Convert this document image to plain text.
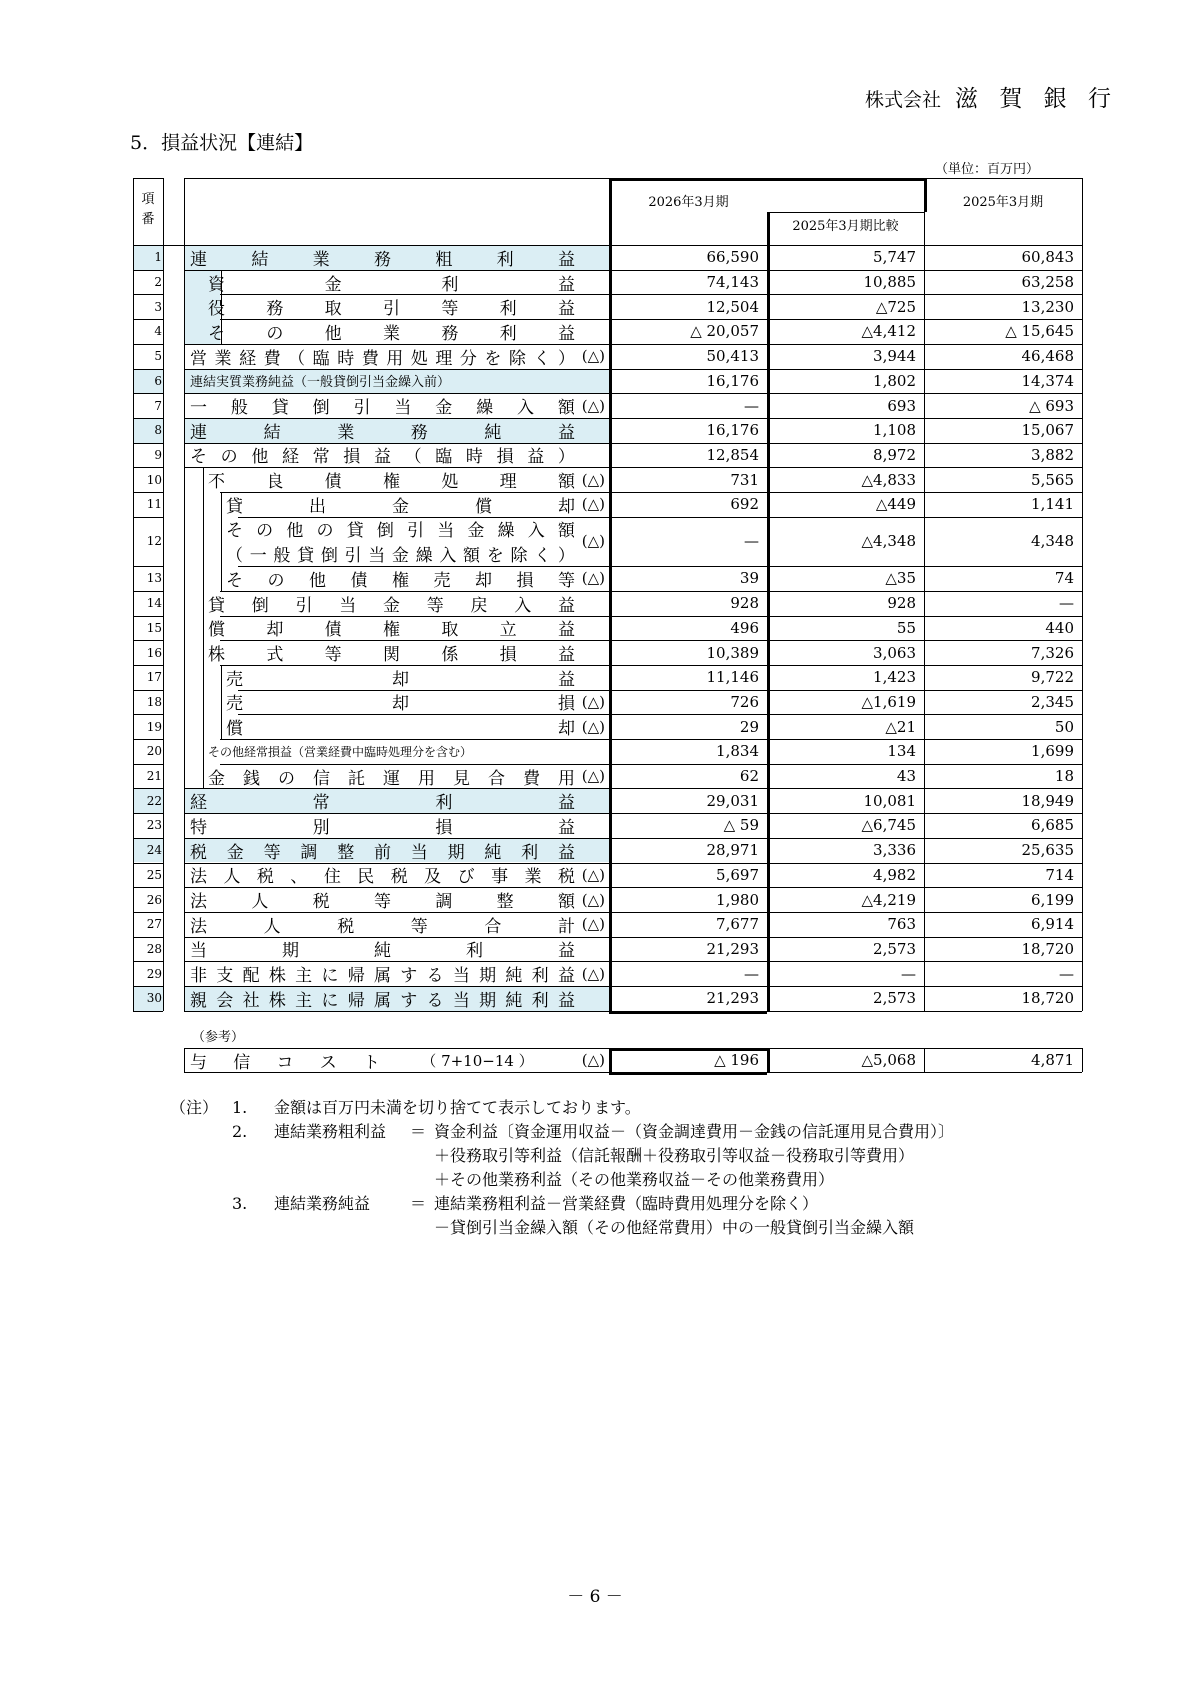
株式会社 滋 賀 銀 行
5．損益状況【連結】
（単位：百万円）
項
番
2026年3月期
2025年3月期比較
2025年3月期
1 連	結	業	務	粗	利	益	66,590	5,747	60,843
2	資	金	利	益	74,143	10,885	63,258
3	役 務 取 引 等 利 益	12,504	△725	13,230
4	そ の 他 業 務 利 益	△ 20,057	△4,412	△ 15,645
5 営 業 経 費 （ 臨 時 費 用 処 理 分 を 除 く ） (△)	50,413	3,944	46,468
6 連結実質業務純益（一般貸倒引当金繰入前）	16,176	1,802	14,374
7 一 般 貸 倒 引 当 金 繰 入 額 (△)	—	693	△ 693
8 連	結	業	務	純	益	16,176	1,108	15,067
9 そ の 他 経 常 損 益 （ 臨 時 損 益 ）	12,854	8,972	3,882
10	不 良 債 権 処 理 額 (△)	731	△4,833	5,565
11	貸	出	金	償	却 (△)	692	△449	1,141
12	そ の 他 の 貸 倒 引 当 金 繰 入 額
（ 一 般 貸 倒 引 当 金 繰 入 額 を 除 く ）
(△)	—	△4,348	4,348
13	そ の 他 債 権 売 却 損 等 (△)	39	△35	74
14	貸 倒 引 当 金 等 戻 入 益	928	928	—
15	償 却 債 権 取 立 益	496	55	440
16	株 式 等 関 係 損 益	10,389	3,063	7,326
17	売	却	益	11,146	1,423	9,722
18	売	却	損 (△)	726	△1,619	2,345
19	償	却 (△)	29	△21	50
20	その他経常損益（営業経費中臨時処理分を含む）	1,834	134	1,699
21	金 銭 の 信 託 運 用 見 合 費 用 (△)	62	43	18
22 経	常	利	益	29,031	10,081	18,949
23 特	別	損	益	△ 59	△6,745	6,685
24 税 金 等 調 整 前 当 期 純 利 益	28,971	3,336	25,635
25 法 人 税 、 住 民 税 及 び 事 業 税 (△)	5,697	4,982	714
26 法	人	税	等	調	整	額 (△)	1,980	△4,219	6,199
27 法	人	税	等	合	計 (△)	7,677	763	6,914
28 当	期	純	利	益	21,293	2,573	18,720
29 非 支 配 株 主 に 帰 属 す る 当 期 純 利 益 (△)	—	—	—
30 親 会 社 株 主 に 帰 属 す る 当 期 純 利 益	21,293	2,573	18,720
与 信 コ ス ト	（ 7+10−14 ）	(△)	△ 196	△5,068	4,871
（参考）
（注） 1. 金額は百万円未満を切り捨てて表示しております。
2. 連結業務粗利益 ＝ 資金利益〔資金運用収益－（資金調達費用－金銭の信託運用見合費用）〕
＋役務取引等利益（信託報酬＋役務取引等収益－役務取引等費用）
＋その他業務利益（その他業務収益－その他業務費用）
3. 連結業務純益 ＝ 連結業務粗利益－営業経費（臨時費用処理分を除く）
－貸倒引当金繰入額（その他経常費用）中の一般貸倒引当金繰入額
－ 6 －
